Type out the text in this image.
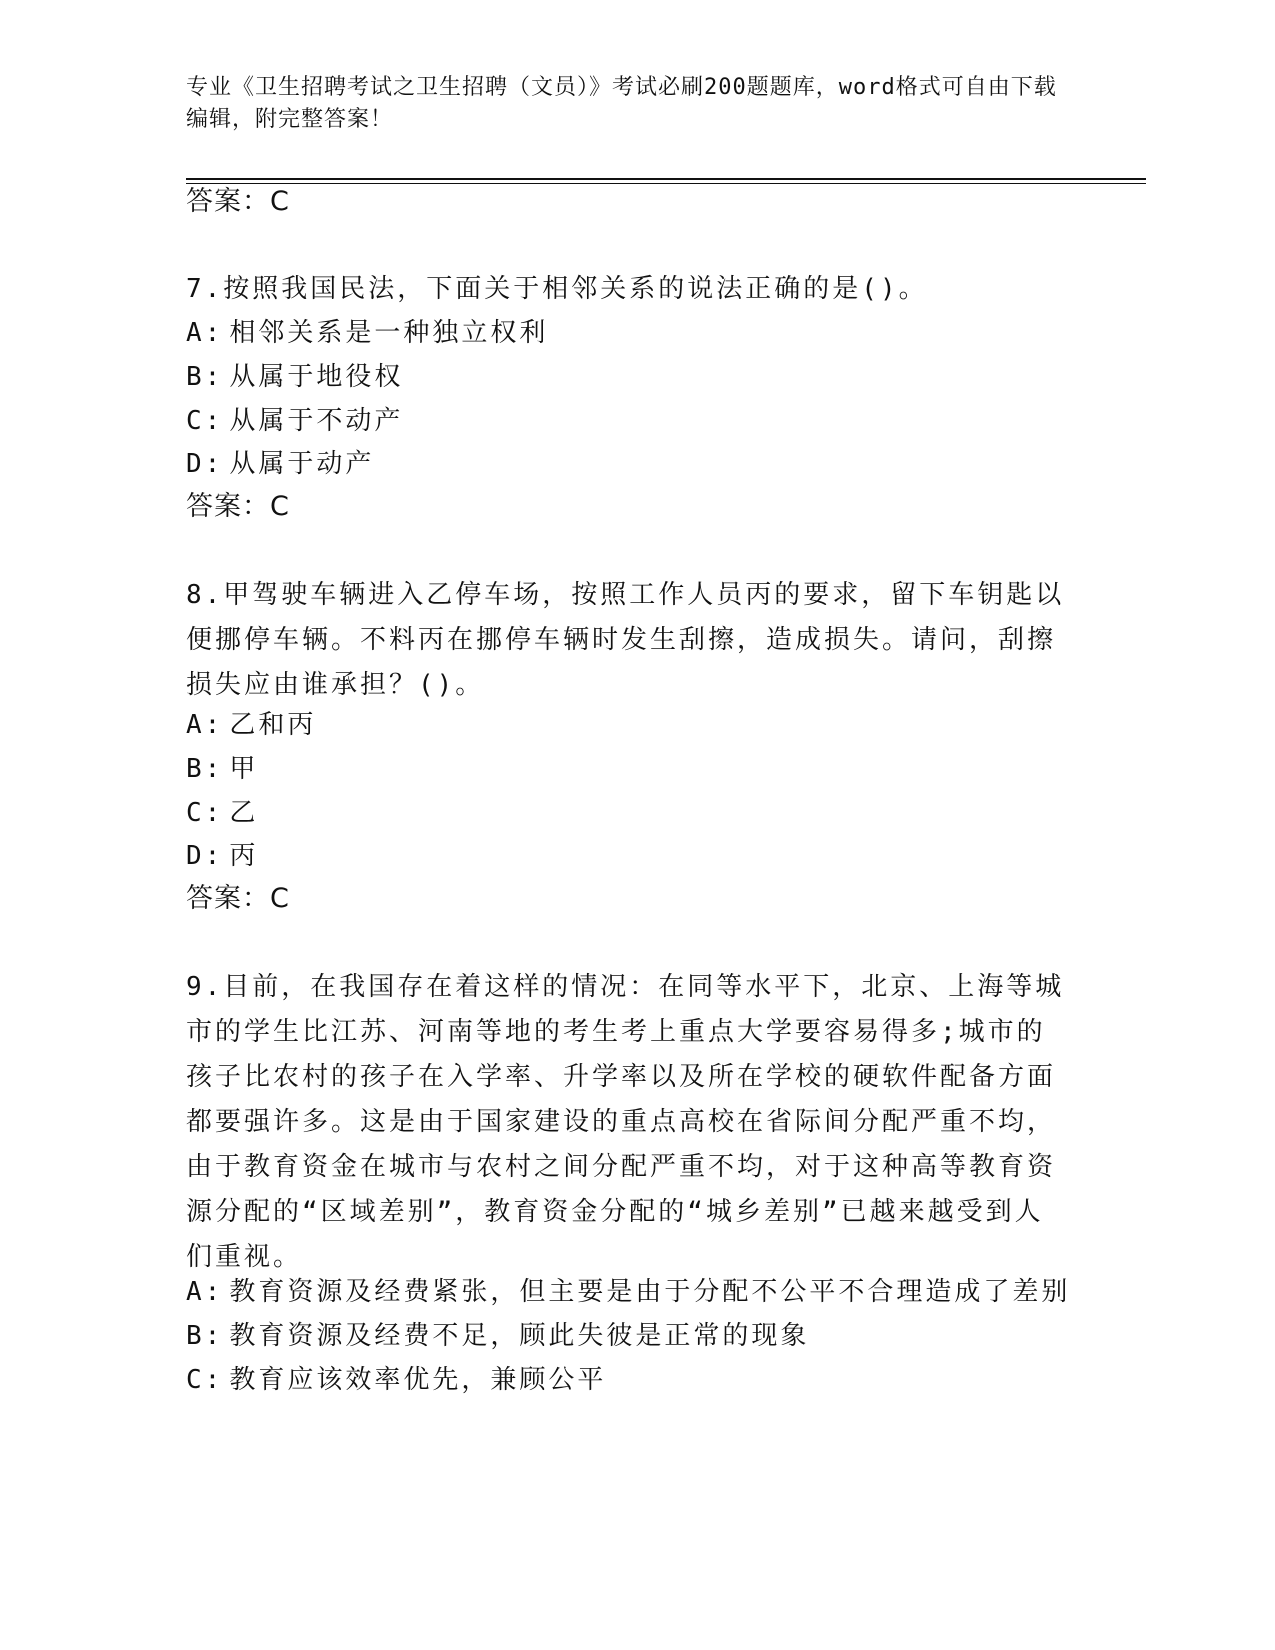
专业《卫生招聘考试之卫生招聘（文员）》考试必刷200题题库，word格式可自由下载编辑，附完整答案！
答案：C
7.按照我国民法，下面关于相邻关系的说法正确的是()。
A: 相邻关系是一种独立权利
B: 从属于地役权
C: 从属于不动产
D: 从属于动产
答案：C
8.甲驾驶车辆进入乙停车场，按照工作人员丙的要求，留下车钥匙以便挪停车辆。不料丙在挪停车辆时发生刮擦，造成损失。请问，刮擦损失应由谁承担？()。
A: 乙和丙
B: 甲
C: 乙
D: 丙
答案：C
9.目前，在我国存在着这样的情况：在同等水平下，北京、上海等城市的学生比江苏、河南等地的考生考上重点大学要容易得多;城市的孩子比农村的孩子在入学率、升学率以及所在学校的硬软件配备方面都要强许多。这是由于国家建设的重点高校在省际间分配严重不均，由于教育资金在城市与农村之间分配严重不均，对于这种高等教育资源分配的“区域差别”，教育资金分配的“城乡差别”已越来越受到人们重视。
A: 教育资源及经费紧张，但主要是由于分配不公平不合理造成了差别
B: 教育资源及经费不足，顾此失彼是正常的现象
C: 教育应该效率优先，兼顾公平
